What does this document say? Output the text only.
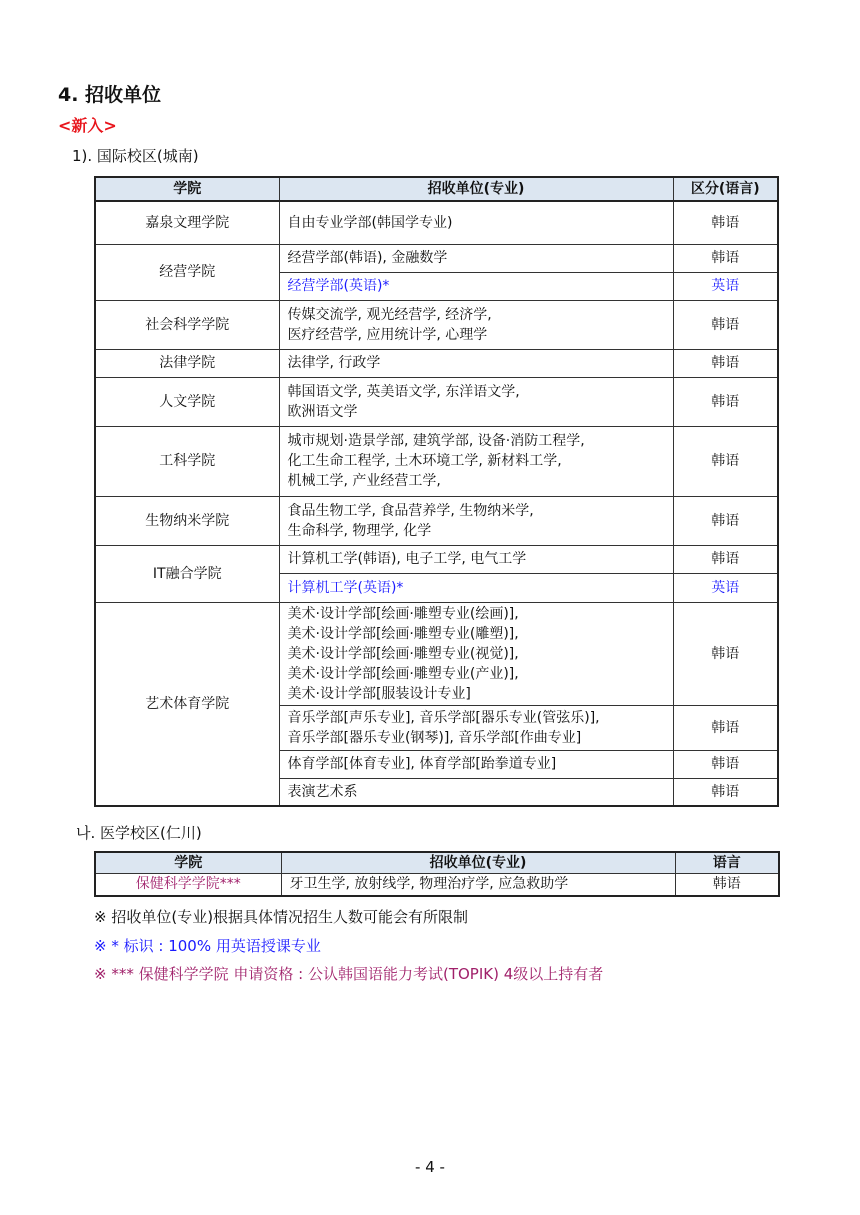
4. 招收单位
<新入>
1). 国际校区(城南)
学院	招收单位(专业)	区分(语言)
嘉泉文理学院	自由专业学部(韩国学专业)	韩语
经营学院	经营学部(韩语), 金融数学	韩语
	经营学部(英语)*	英语
社会科学学院	传媒交流学, 观光经营学, 经济学,
医疗经营学, 应用统计学, 心理学	韩语
法律学院	法律学, 行政学	韩语
人文学院	韩国语文学, 英美语文学, 东洋语文学,
欧洲语文学	韩语
工科学院	城市规划·造景学部, 建筑学部, 设备·消防工程学,
化工生命工程学, 土木环境工学, 新材料工学,
机械工学, 产业经营工学,	韩语
生物纳米学院	食品生物工学, 食品营养学, 生物纳米学,
生命科学, 物理学, 化学	韩语
IT融合学院	计算机工学(韩语), 电子工学, 电气工学	韩语
	计算机工学(英语)*	英语
艺术体育学院	美术·设计学部[绘画·雕塑专业(绘画)],
美术·设计学部[绘画·雕塑专业(雕塑)],
美术·设计学部[绘画·雕塑专业(视觉)],
美术·设计学部[绘画·雕塑专业(产业)],
美术·设计学部[服装设计专业]	韩语
	音乐学部[声乐专业], 音乐学部[器乐专业(管弦乐)],
音乐学部[器乐专业(钢琴)], 音乐学部[作曲专业]	韩语
	体育学部[体育专业], 体育学部[跆拳道专业]	韩语
	表演艺术系	韩语
나. 医学校区(仁川)
学院	招收单位(专业)	语言
保健科学学院***	牙卫生学, 放射线学, 物理治疗学, 应急救助学	韩语
※ 招收单位(专业)根据具体情况招生人数可能会有所限制
※ * 标识 : 100% 用英语授课专业
※ *** 保健科学学院 申请资格 : 公认韩国语能力考试(TOPIK) 4级以上持有者
- 4 -
